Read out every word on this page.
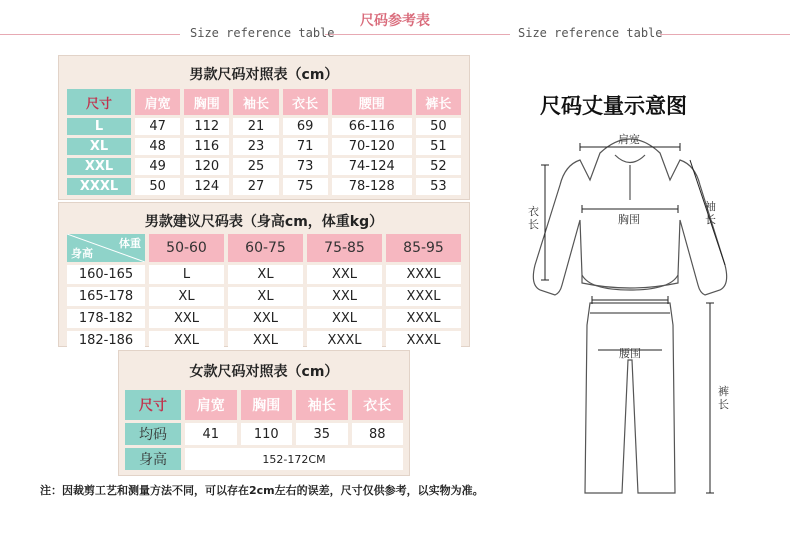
尺码参考表
Size reference table	Size reference table
男款尺码对照表（cm）
尺寸	肩宽	胸围	袖长	衣长	腰围	裤长
L	47	112	21	69	66-116	50
XL	48	116	23	71	70-120	51
XXL	49	120	25	73	74-124	52
XXXL	50	124	27	75	78-128	53
男款建议尺码表（身高cm，体重kg）
体重
身高	50-60	60-75	75-85	85-95
160-165	L	XL	XXL	XXXL
165-178	XL	XL	XXL	XXXL
178-182	XXL	XXL	XXL	XXXL
182-186	XXL	XXL	XXXL	XXXL
女款尺码对照表（cm）
尺寸	肩宽	胸围	袖长	衣长
均码	41	110	35	88
身高	152-172CM			
注：因裁剪工艺和测量方法不同，可以存在2cm左右的误差，尺寸仅供参考，以实物为准。
尺码丈量示意图
肩宽
胸围
衣长
袖长
腰围
裤长
